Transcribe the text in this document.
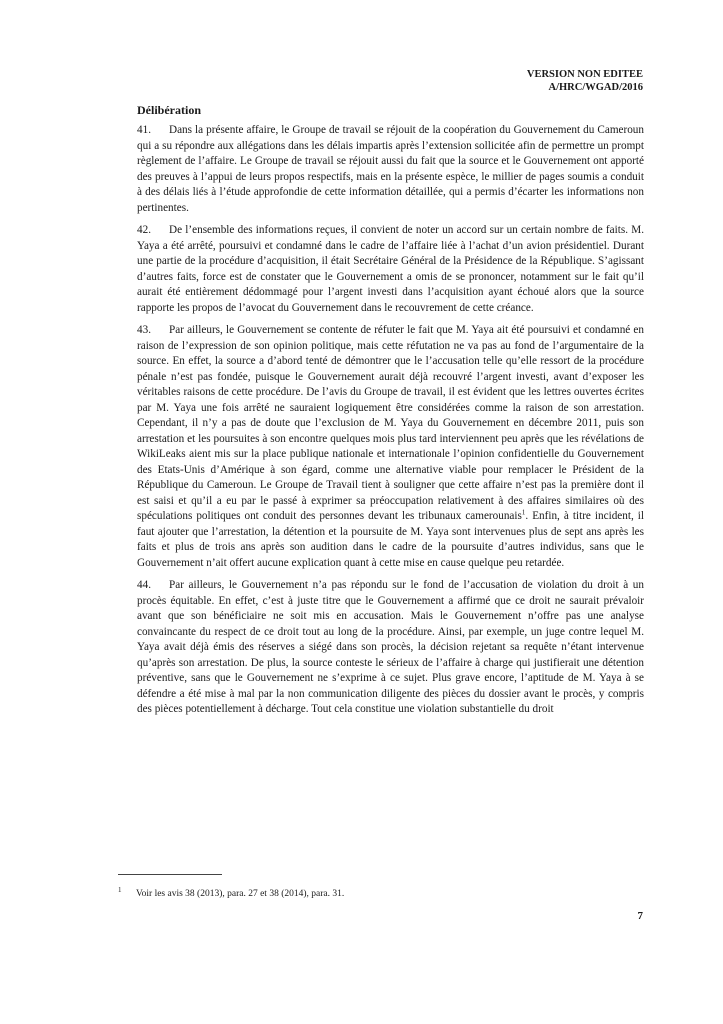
VERSION NON EDITEE
A/HRC/WGAD/2016
Délibération

41. Dans la présente affaire, le Groupe de travail se réjouit de la coopération du Gouvernement du Cameroun qui a su répondre aux allégations dans les délais impartis après l’extension sollicitée afin de permettre un prompt règlement de l’affaire. Le Groupe de travail se réjouit aussi du fait que la source et le Gouvernement ont apporté des preuves à l’appui de leurs propos respectifs, mais en la présente espèce, le millier de pages soumis a conduit à des délais liés à l’étude approfondie de cette information détaillée, qui a permis d’écarter les informations non pertinentes.

42. De l’ensemble des informations reçues, il convient de noter un accord sur un certain nombre de faits. M. Yaya a été arrêté, poursuivi et condamné dans le cadre de l’affaire liée à l’achat d’un avion présidentiel. Durant une partie de la procédure d’acquisition, il était Secrétaire Général de la Présidence de la République. S’agissant d’autres faits, force est de constater que le Gouvernement a omis de se prononcer, notamment sur le fait qu’il aurait été entièrement dédommagé pour l’argent investi dans l’acquisition ayant échoué alors que la source rapporte les propos de l’avocat du Gouvernement dans le recouvrement de cette créance.

43. Par ailleurs, le Gouvernement se contente de réfuter le fait que M. Yaya ait été poursuivi et condamné en raison de l’expression de son opinion politique, mais cette réfutation ne va pas au fond de l’argumentaire de la source. En effet, la source a d’abord tenté de démontrer que le l’accusation telle qu’elle ressort de la procédure pénale n’est pas fondée, puisque le Gouvernement aurait déjà recouvré l’argent investi, avant d’exposer les véritables raisons de cette procédure. De l’avis du Groupe de travail, il est évident que les lettres ouvertes écrites par M. Yaya une fois arrêté ne sauraient logiquement être considérées comme la raison de son arrestation. Cependant, il n’y a pas de doute que l’exclusion de M. Yaya du Gouvernement en décembre 2011, puis son arrestation et les poursuites à son encontre quelques mois plus tard interviennent peu après que les révélations de WikiLeaks aient mis sur la place publique nationale et internationale l’opinion confidentielle du Gouvernement des Etats-Unis d’Amérique à son égard, comme une alternative viable pour remplacer le Président de la République du Cameroun. Le Groupe de Travail tient à souligner que cette affaire n’est pas la première dont il est saisi et qu’il a eu par le passé à exprimer sa préoccupation relativement à des affaires similaires où des spéculations politiques ont conduit des personnes devant les tribunaux camerounais$^1$. Enfin, à titre incident, il faut ajouter que l’arrestation, la détention et la poursuite de M. Yaya sont intervenues plus de sept ans après les faits et plus de trois ans après son audition dans le cadre de la poursuite d’autres individus, sans que le Gouvernement n’ait offert aucune explication quant à cette mise en cause quelque peu retardée.

44. Par ailleurs, le Gouvernement n’a pas répondu sur le fond de l’accusation de violation du droit à un procès équitable. En effet, c’est à juste titre que le Gouvernement a affirmé que ce droit ne saurait prévaloir avant que son bénéficiaire ne soit mis en accusation. Mais le Gouvernement n’offre pas une analyse convaincante du respect de ce droit tout au long de la procédure. Ainsi, par exemple, un juge contre lequel M. Yaya avait déjà émis des réserves a siégé dans son procès, la décision rejetant sa requête n’étant intervenue qu’après son arrestation. De plus, la source conteste le sérieux de l’affaire à charge qui justifierait une détention préventive, sans que le Gouvernement ne s’exprime à ce sujet. Plus grave encore, l’aptitude de M. Yaya à se défendre a été mise à mal par la non communication diligente des pièces du dossier avant le procès, y compris des pièces potentiellement à décharge. Tout cela constitue une violation substantielle du droit

1 Voir les avis 38 (2013), para. 27 et 38 (2014), para. 31.
7
